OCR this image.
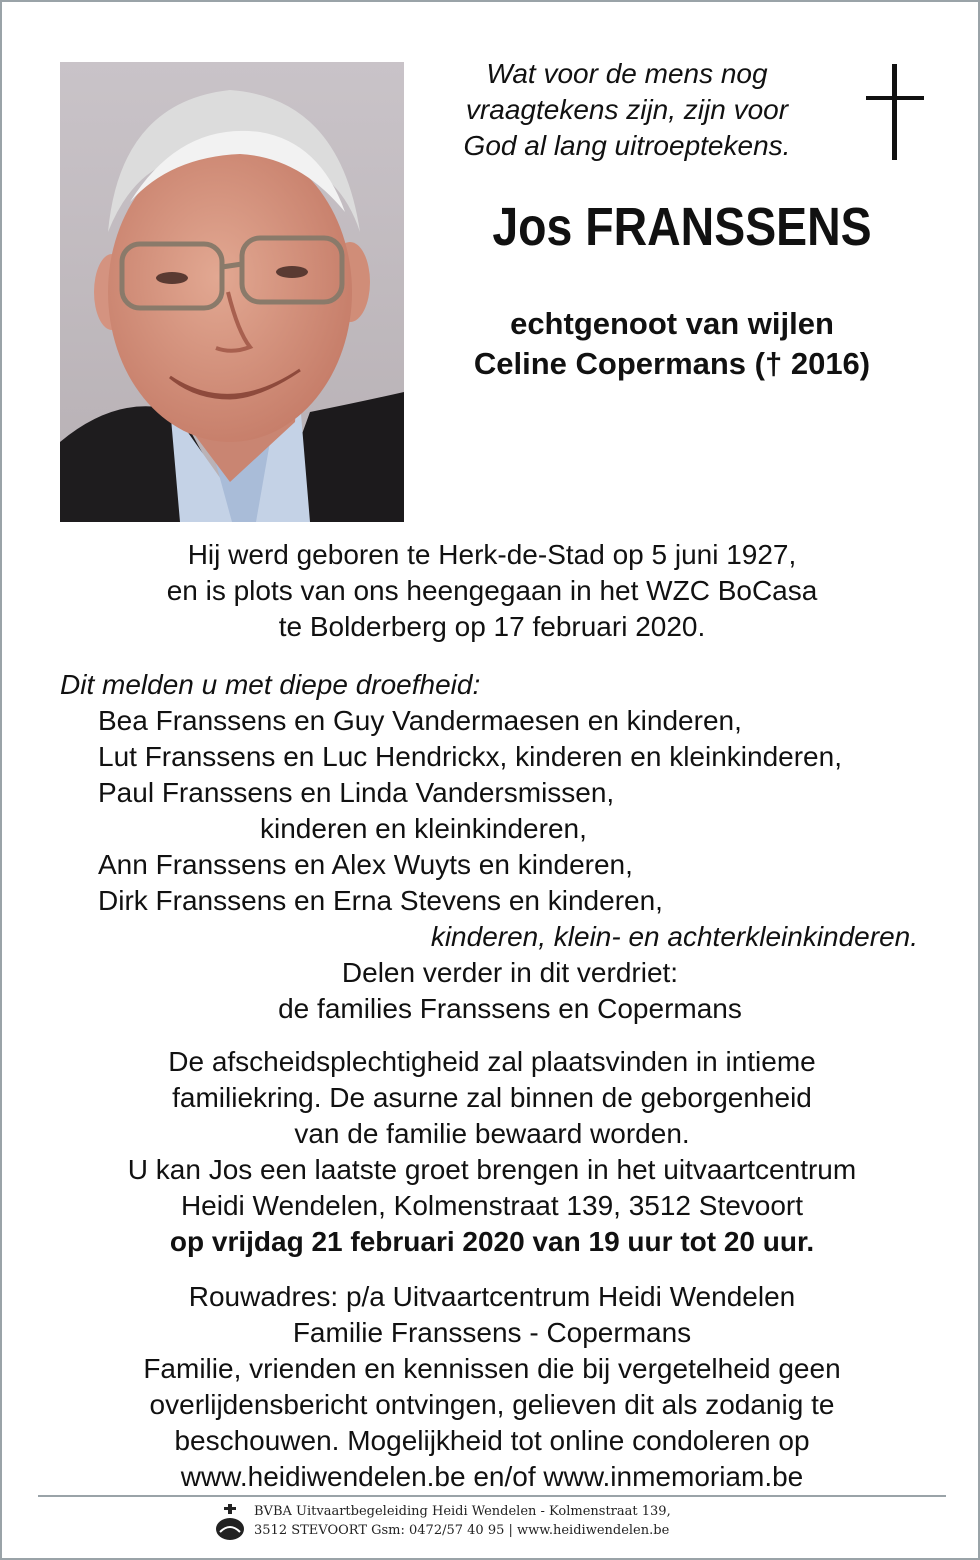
Wat voor de mens nog
vraagtekens zijn, zijn voor
God al lang uitroeptekens.
Jos FRANSSENS
echtgenoot van wijlen
Celine Copermans († 2016)
Hij werd geboren te Herk-de-Stad op 5 juni 1927,
en is plots van ons heengegaan in het WZC BoCasa
te Bolderberg op 17 februari 2020.
Dit melden u met diepe droefheid:
Bea Franssens en Guy Vandermaesen en kinderen,
Lut Franssens en Luc Hendrickx, kinderen en kleinkinderen,
Paul Franssens en Linda Vandersmissen,
kinderen en kleinkinderen,
Ann Franssens en Alex Wuyts en kinderen,
Dirk Franssens en Erna Stevens en kinderen,
kinderen, klein- en achterkleinkinderen.
Delen verder in dit verdriet:
de families Franssens en Copermans
De afscheidsplechtigheid zal plaatsvinden in intieme
familiekring. De asurne zal binnen de geborgenheid
van de familie bewaard worden.
U kan Jos een laatste groet brengen in het uitvaartcentrum
Heidi Wendelen, Kolmenstraat 139, 3512 Stevoort
op vrijdag 21 februari 2020 van 19 uur tot 20 uur.
Rouwadres: p/a Uitvaartcentrum Heidi Wendelen
Familie Franssens - Copermans
Familie, vrienden en kennissen die bij vergetelheid geen
overlijdensbericht ontvingen, gelieven dit als zodanig te
beschouwen. Mogelijkheid tot online condoleren op
www.heidiwendelen.be en/of www.inmemoriam.be
BVBA Uitvaartbegeleiding Heidi Wendelen - Kolmenstraat 139,
3512 STEVOORT Gsm: 0472/57 40 95 | www.heidiwendelen.be
